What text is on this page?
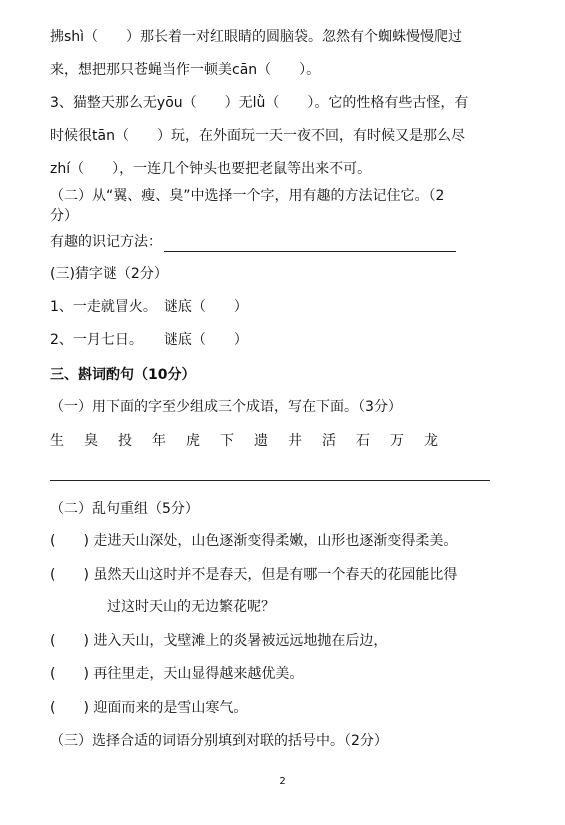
拂shì（　　）那长着一对红眼睛的圆脑袋。忽然有个蜘蛛慢慢爬过
来，想把那只苍蝇当作一顿美cān（　　）。
3、猫整天那么无yōu（　　）无lǜ（　　）。它的性格有些古怪，有
时候很tān（　　）玩，在外面玩一天一夜不回，有时候又是那么尽
zhí（　　），一连几个钟头也要把老鼠等出来不可。
（二）从“翼、瘦、臭”中选择一个字，用有趣的方法记住它。（2
分）
有趣的识记方法：
(三)猜字谜（2分）
1、一走就冒火。　谜底（　　）
2、一月七日。　　谜底（　　）
三、斟词酌句（10分）
（一）用下面的字至少组成三个成语，写在下面。（3分）
生 臭 投 年 虎 下 遗 井 活 石 万 龙
（二）乱句重组（5分）
(　　) 走进天山深处，山色逐渐变得柔嫩，山形也逐渐变得柔美。
(　　) 虽然天山这时并不是春天，但是有哪一个春天的花园能比得
过这时天山的无边繁花呢？
(　　) 进入天山，戈壁滩上的炎暑被远远地抛在后边，
(　　) 再往里走，天山显得越来越优美。
(　　) 迎面而来的是雪山寒气。
（三）选择合适的词语分别填到对联的括号中。（2分）
2
